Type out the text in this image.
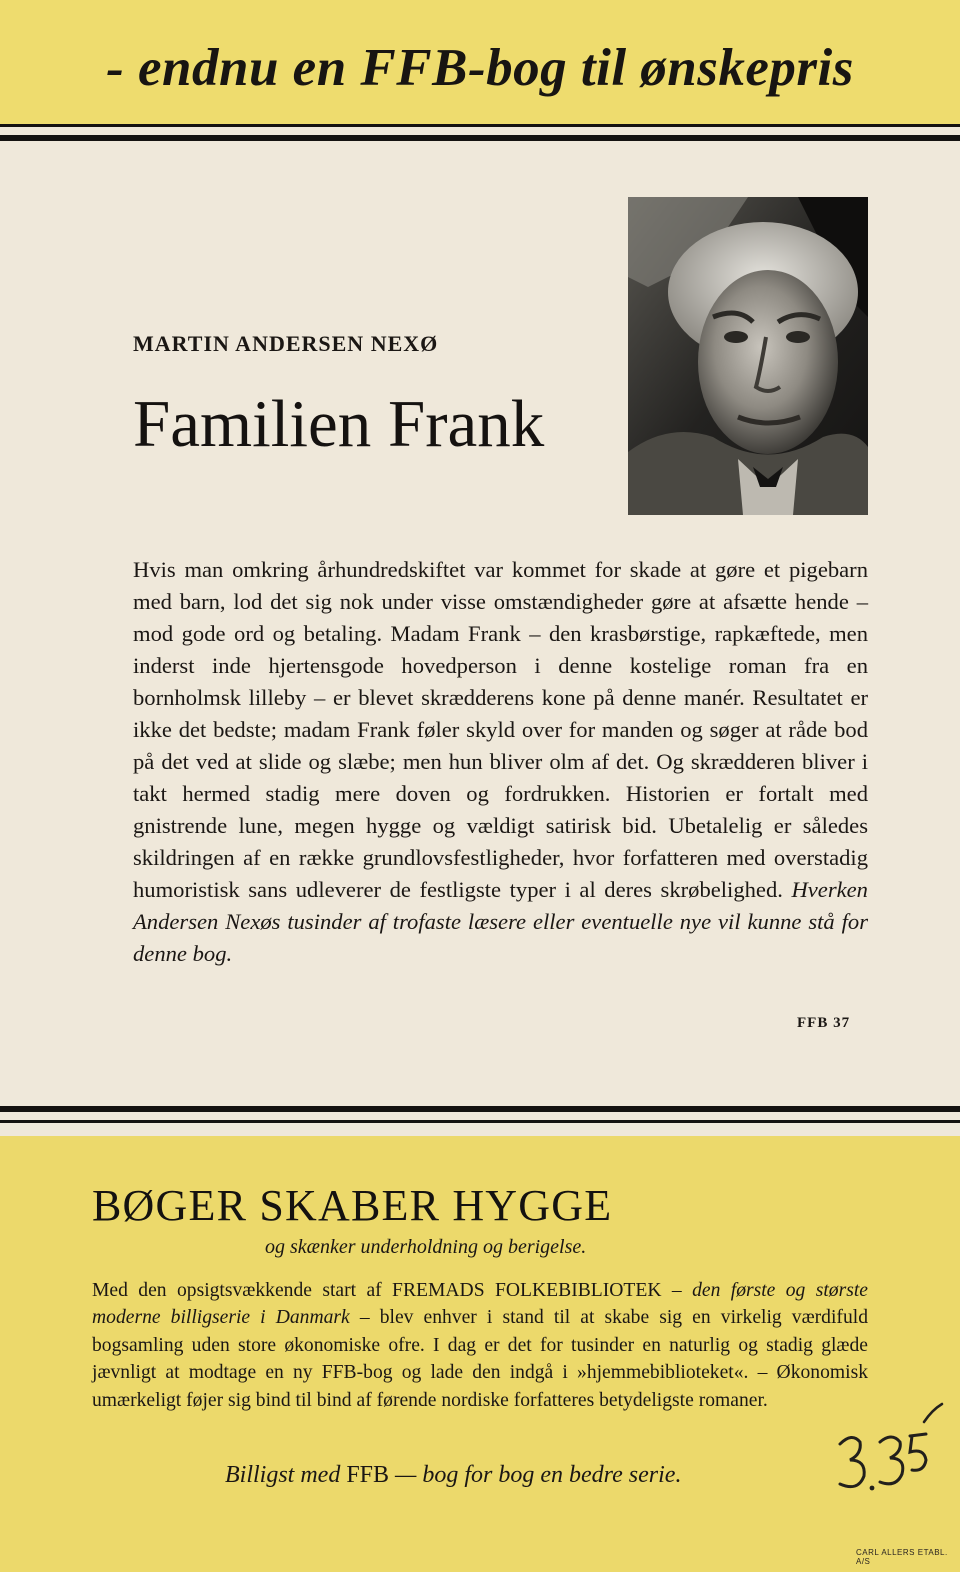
- endnu en FFB-bog til ønskepris
MARTIN ANDERSEN NEXØ
Familien Frank
Hvis man omkring århundredskiftet var kommet for skade at gøre et pigebarn med barn, lod det sig nok under visse omstændigheder gøre at afsætte hende – mod gode ord og betaling. Madam Frank – den krasbørstige, rapkæftede, men inderst inde hjertensgode hovedperson i denne kostelige roman fra en bornholmsk lilleby – er blevet skrædderens kone på denne manér. Resultatet er ikke det bedste; madam Frank føler skyld over for manden og søger at råde bod på det ved at slide og slæbe; men hun bliver olm af det. Og skrædderen bliver i takt hermed stadig mere doven og fordrukken. Historien er fortalt med gnistrende lune, megen hygge og vældigt satirisk bid. Ubetalelig er således skildringen af en række grundlovsfestligheder, hvor forfatteren med overstadig humoristisk sans udleverer de festligste typer i al deres skrøbelighed. Hverken Andersen Nexøs tusinder af trofaste læsere eller eventuelle nye vil kunne stå for denne bog.
FFB 37
BØGER SKABER HYGGE
og skænker underholdning og berigelse.
Med den opsigtsvækkende start af FREMADS FOLKEBIBLIOTEK – den første og største moderne billigserie i Danmark – blev enhver i stand til at skabe sig en virkelig værdifuld bogsamling uden store økonomiske ofre. I dag er det for tusinder en naturlig og stadig glæde jævnligt at modtage en ny FFB-bog og lade den indgå i »hjemmebiblioteket«. – Økonomisk umærkeligt føjer sig bind til bind af førende nordiske forfatteres betydeligste romaner.
Billigst med FFB — bog for bog en bedre serie.
CARL ALLERS ETABL. A/S
